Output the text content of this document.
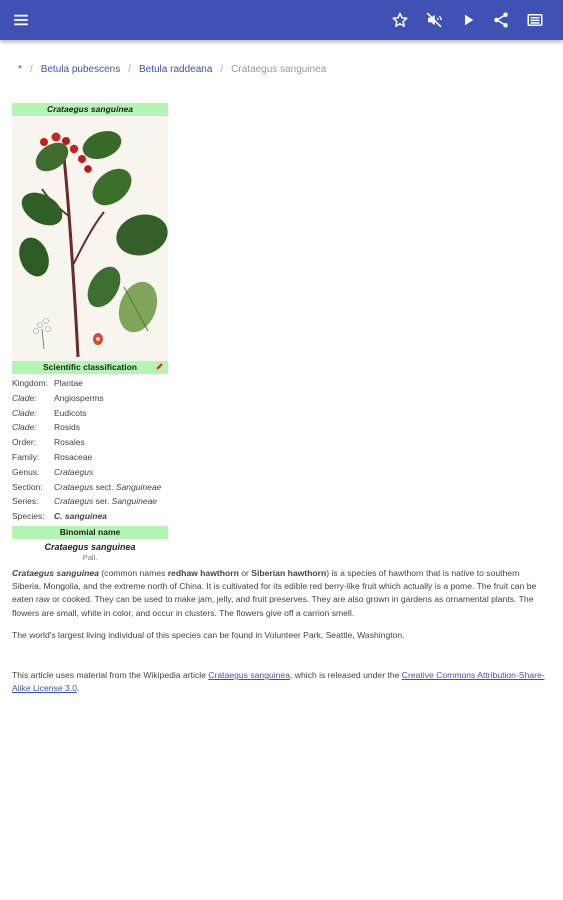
* / Betula pubescens / Betula raddeana / Crataegus sanguinea
Crataegus sanguinea
Scientific classification
Kingdom: Plantae
Clade:	Angiosperms
Clade:	Eudicots
Clade:	Rosids
Order:	Rosales
Family:	Rosaceae
Genus:	Crataegus
Section:	Crataegus sect. Sanguineae
Series:	Crataegus ser. Sanguineae
Species:	C. sanguinea
Binomial name
Crataegus sanguinea
Pall.

Crataegus sanguinea (common names redhaw hawthorn or Siberian hawthorn) is a species of hawthorn that is native to southern Siberia, Mongolia, and the extreme north of China. It is cultivated for its edible red berry-like fruit which actually is a pome. The fruit can be eaten raw or cooked. They can be used to make jam, jelly, and fruit preserves. They are also grown in gardens as ornamental plants. The flowers are small, white in color, and occur in clusters. The flowers give off a carrion smell.

The world's largest living individual of this species can be found in Volunteer Park, Seattle, Washington.

This article uses material from the Wikipedia article Crataegus sanguinea, which is released under the Creative Commons Attribution-Share-Alike License 3.0.
